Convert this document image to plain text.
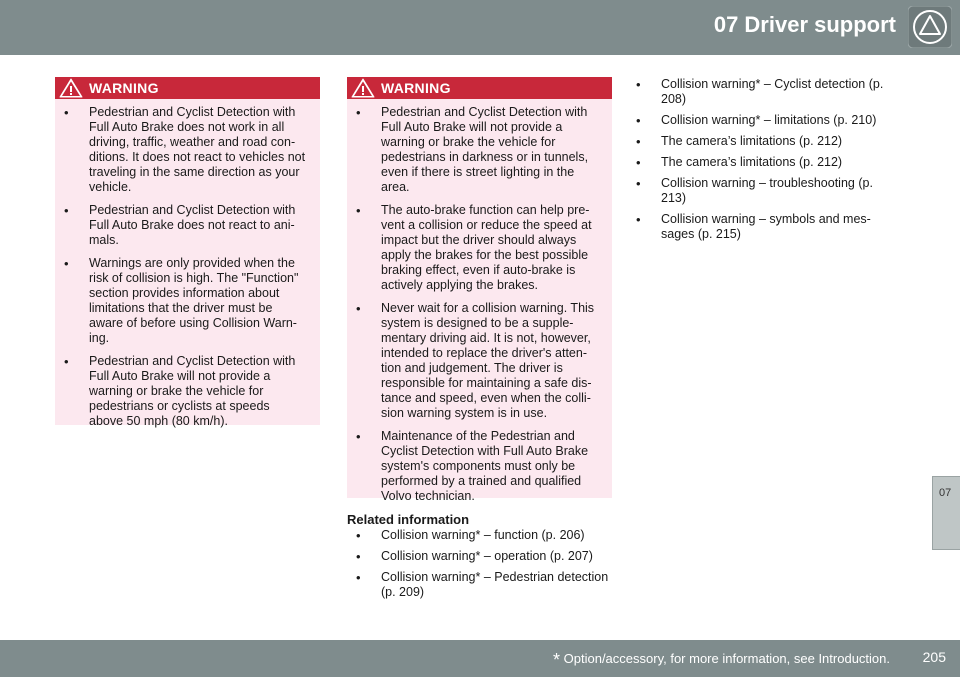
07 Driver support
WARNING
• Pedestrian and Cyclist Detection with Full Auto Brake does not work in all driving, traffic, weather and road con- ditions. It does not react to vehicles not traveling in the same direction as your vehicle.
• Pedestrian and Cyclist Detection with Full Auto Brake does not react to ani- mals.
• Warnings are only provided when the risk of collision is high. The "Function" section provides information about limitations that the driver must be aware of before using Collision Warn- ing.
• Pedestrian and Cyclist Detection with Full Auto Brake will not provide a warning or brake the vehicle for pedestrians or cyclists at speeds above 50 mph (80 km/h).
WARNING
• Pedestrian and Cyclist Detection with Full Auto Brake will not provide a warning or brake the vehicle for pedestrians in darkness or in tunnels, even if there is street lighting in the area.
• The auto-brake function can help pre- vent a collision or reduce the speed at impact but the driver should always apply the brakes for the best possible braking effect, even if auto-brake is actively applying the brakes.
• Never wait for a collision warning. This system is designed to be a supple- mentary driving aid. It is not, however, intended to replace the driver's atten- tion and judgement. The driver is responsible for maintaining a safe dis- tance and speed, even when the colli- sion warning system is in use.
• Maintenance of the Pedestrian and Cyclist Detection with Full Auto Brake system's components must only be performed by a trained and qualified Volvo technician.
Related information
• Collision warning* – function (p. 206)
• Collision warning* – operation (p. 207)
• Collision warning* – Pedestrian detection (p. 209)
• Collision warning* – Cyclist detection (p. 208)
• Collision warning* – limitations (p. 210)
• The camera’s limitations (p. 212)
• The camera’s limitations (p. 212)
• Collision warning – troubleshooting (p. 213)
• Collision warning – symbols and mes- sages (p. 215)
07
* Option/accessory, for more information, see Introduction. 205
